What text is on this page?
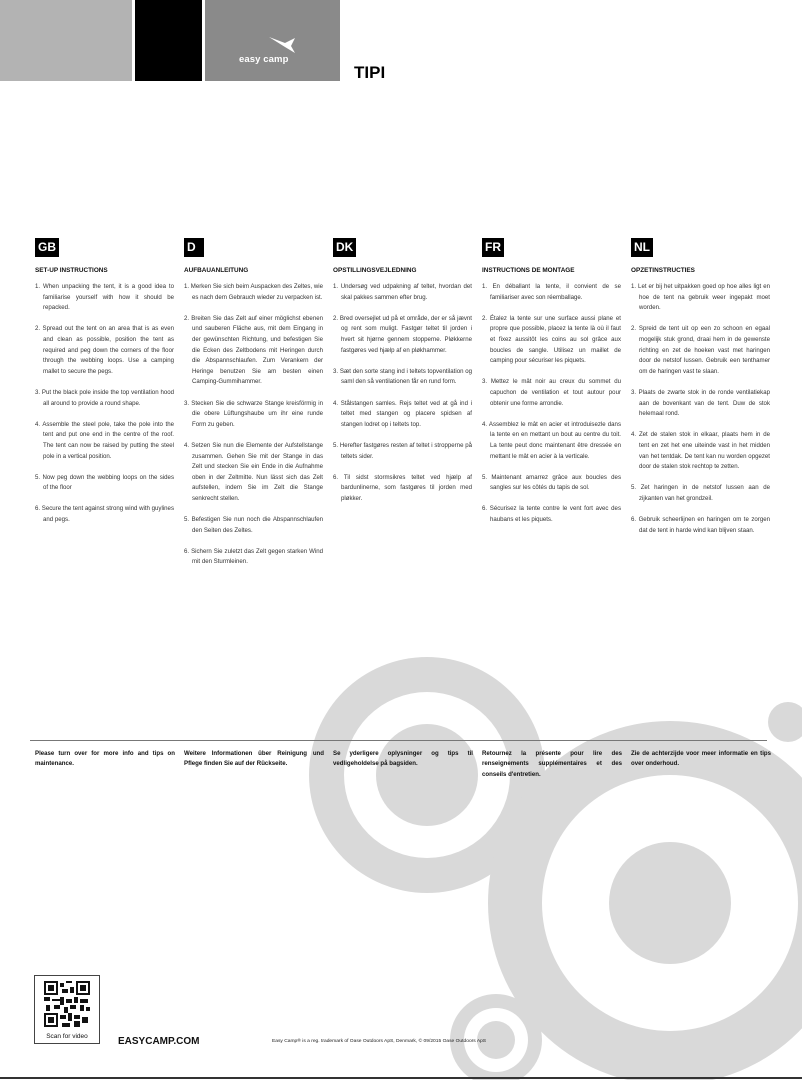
easy camp
TIPI
GB
SET-UP INSTRUCTIONS
1. When unpacking the tent, it is a good idea to familiarise yourself with how it should be repacked.
2. Spread out the tent on an area that is as even and clean as possible, position the tent as required and peg down the corners of the floor through the webbing loops. Use a camping mallet to secure the pegs.
3. Put the black pole inside the top ventilation hood all around to provide a round shape.
4. Assemble the steel pole, take the pole into the tent and put one end in the centre of the roof. The tent can now be raised by putting the steel pole in a vertical position.
5. Now peg down the webbing loops on the sides of the floor
6. Secure the tent against strong wind with guylines and pegs.
D
AUFBAUANLEITUNG
1. Merken Sie sich beim Auspacken des Zeltes, wie es nach dem Gebrauch wieder zu verpacken ist.
2. Breiten Sie das Zelt auf einer möglichst ebenen und sauberen Fläche aus, mit dem Eingang in der gewünschten Richtung, und befestigen Sie die Ecken des Zeltbodens mit Heringen durch die Abspannschlaufen. Zum Verankern der Heringe benutzen Sie am besten einen Camping-Gummihammer.
3. Stecken Sie die schwarze Stange kreisförmig in die obere Lüftungshaube um ihr eine runde Form zu geben.
4. Setzen Sie nun die Elemente der Aufstellstange zusammen. Gehen Sie mit der Stange in das Zelt und stecken Sie ein Ende in die Aufnahme oben in der Zeltmitte. Nun lässt sich das Zelt aufstellen, indem Sie im Zelt die Stange senkrecht stellen.
5. Befestigen Sie nun noch die Abspannschlaufen den Seiten des Zeltes.
6. Sichern Sie zuletzt das Zelt gegen starken Wind mit den Sturmleinen.
DK
OPSTILLINGSVEJLEDNING
1. Undersøg ved udpakning af teltet, hvordan det skal pakkes sammen efter brug.
2. Bred oversejlet ud på et område, der er så jævnt og rent som muligt. Fastgør teltet til jorden i hvert sit hjørne gennem stopperne. Pløkkerne fastgøres ved hjælp af en pløkhammer.
3. Sæt den sorte stang ind i teltets topventilation og saml den så ventilationen får en rund form.
4. Stålstangen samles. Rejs teltet ved at gå ind i teltet med stangen og placere spidsen af stangen lodret op i teltets top.
5. Herefter fastgøres resten af teltet i stropperne på teltets sider.
6. Til sidst stormsikres teltet ved hjælp af bardunlinerne, som fastgøres til jorden med pløkker.
FR
INSTRUCTIONS DE MONTAGE
1. En déballant la tente, il convient de se familiariser avec son réemballage.
2. Étalez la tente sur une surface aussi plane et propre que possible, placez la tente là où il faut et fixez aussitôt les coins au sol grâce aux boucles de sangle. Utilisez un maillet de camping pour sécuriser les piquets.
3. Mettez le mât noir au creux du sommet du capuchon de ventilation et tout autour pour obtenir une forme arrondie.
4. Assemblez le mât en acier et introduisezle dans la tente en en mettant un bout au centre du toit. La tente peut donc maintenant être dressée en mettant le mât en acier à la verticale.
5. Maintenant amarrez grâce aux boucles des sangles sur les côtés du tapis de sol.
6. Sécurisez la tente contre le vent fort avec des haubans et les piquets.
NL
OPZETINSTRUCTIES
1. Let er bij het uitpakken goed op hoe alles ligt en hoe de tent na gebruik weer ingepakt moet worden.
2. Spreid de tent uit op een zo schoon en egaal mogelijk stuk grond, draai hem in de gewenste richting en zet de hoeken vast met haringen door de netstof lussen. Gebruik een tenthamer om de haringen vast te slaan.
3. Plaats de zwarte stok in de ronde ventilatiekap aan de bovenkant van de tent. Duw de stok helemaal rond.
4. Zet de stalen stok in elkaar, plaats hem in de tent en zet het ene uiteinde vast in het midden van het tentdak. De tent kan nu worden opgezet door de stalen stok rechtop te zetten.
5. Zet haringen in de netstof lussen aan de zijkanten van het grondzeil.
6. Gebruik scheerlijnen en haringen om te zorgen dat de tent in harde wind kan blijven staan.
Please turn over for more info and tips on maintenance.
Weitere Informationen über Reinigung und Pflege finden Sie auf der Rückseite.
Se yderligere oplysninger og tips til vedligeholdelse på bagsiden.
Retournez la présente pour lire des renseignements supplémentaires et des conseils d'entretien.
Zie de achterzijde voor meer informatie en tips over onderhoud.
Scan for video	EASYCAMP.COM	Easy Camp® is a reg. trademark of Oase Outdoors ApS, Denmark, © 09/2015 Oase Outdoors ApS
